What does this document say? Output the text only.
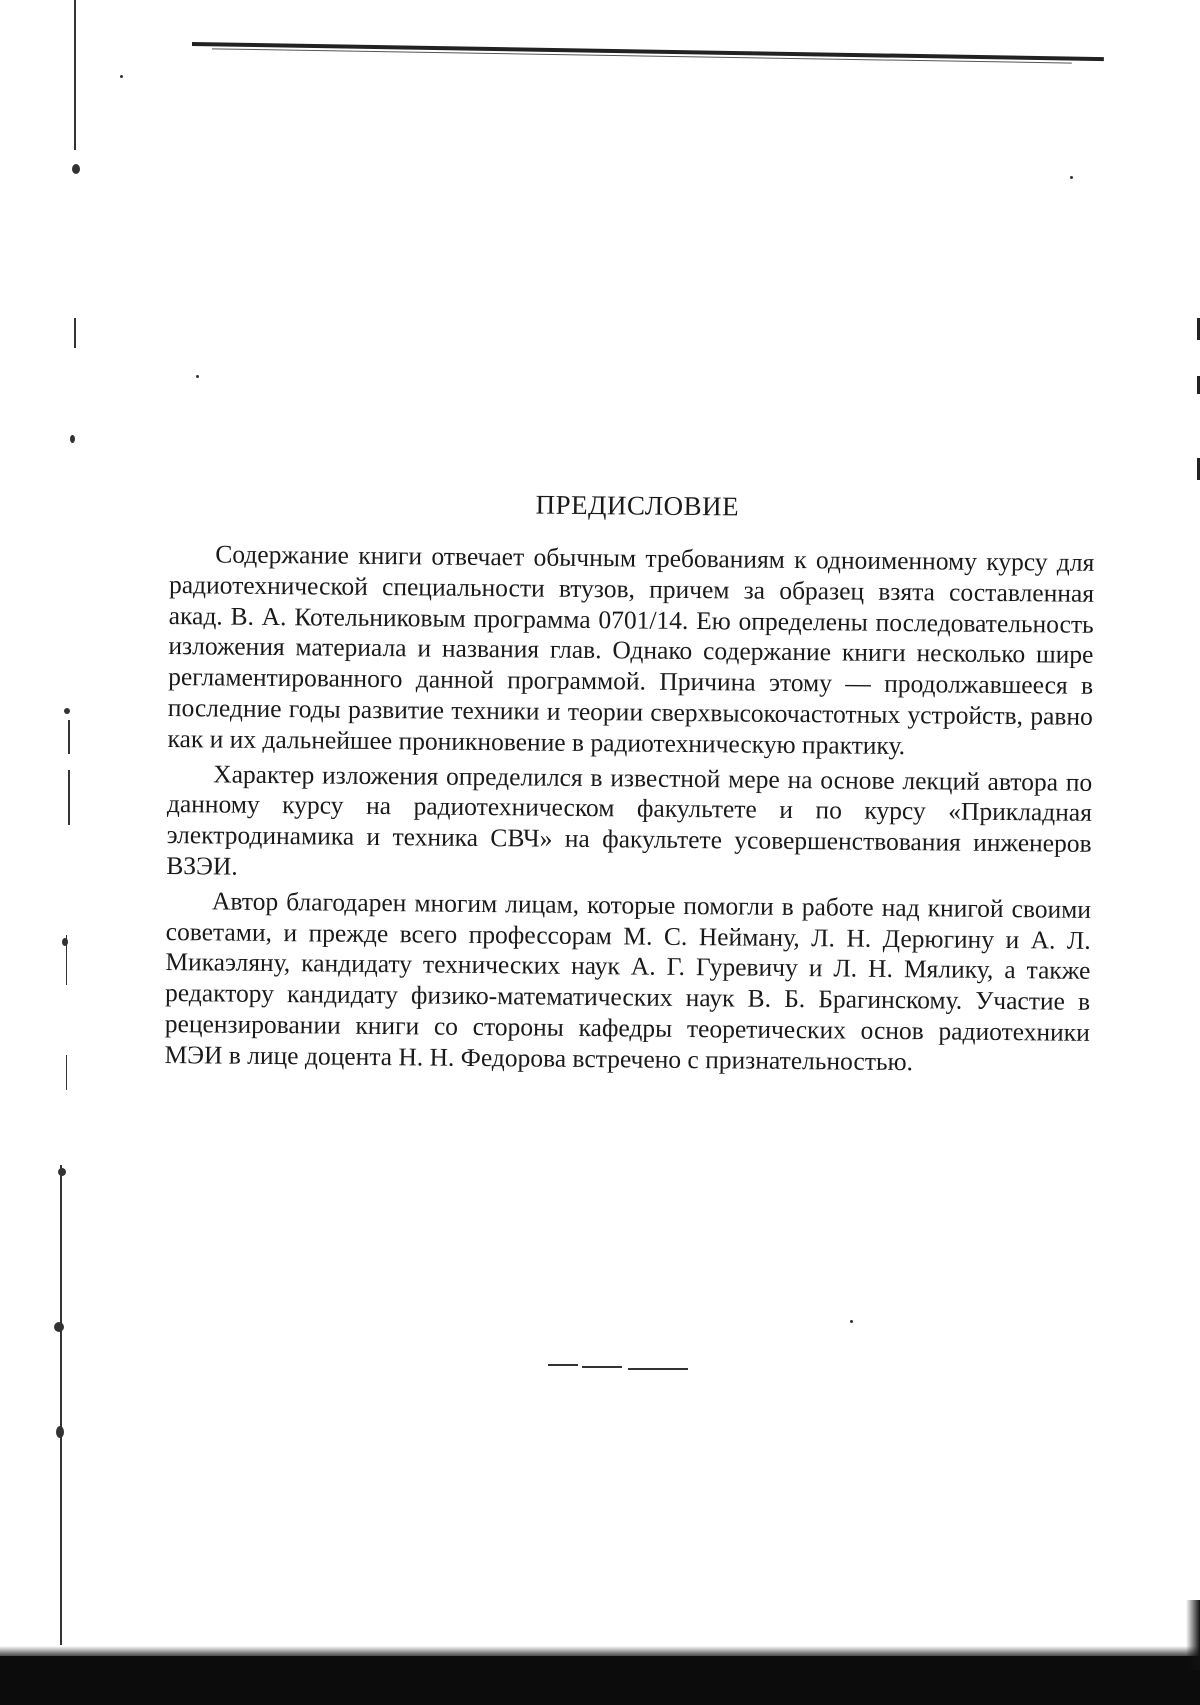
ПРЕДИСЛОВИЕ

Содержание книги отвечает обычным требованиям к одноименному курсу для радиотехнической специальности втузов, причем за образец взята составленная акад. В. А. Котельниковым программа 0701/14. Ею определены последовательность изложения материала и названия глав. Однако содержание книги несколько шире регламентированного данной программой. Причина этому — продолжавшееся в последние годы развитие техники и теории сверхвысокочастотных устройств, равно как и их дальнейшее проникновение в радиотехническую практику.

Характер изложения определился в известной мере на основе лекций автора по данному курсу на радиотехническом факультете и по курсу «Прикладная электродинамика и техника СВЧ» на факультете усовершенствования инженеров ВЗЭИ.

Автор благодарен многим лицам, которые помогли в работе над книгой своими советами, и прежде всего профессорам М. С. Нейману, Л. Н. Дерюгину и А. Л. Микаэляну, кандидату технических наук А. Г. Гуревичу и Л. Н. Мялику, а также редактору кандидату физико-математических наук В. Б. Брагинскому. Участие в рецензировании книги со стороны кафедры теоретических основ радиотехники МЭИ в лице доцента Н. Н. Федорова встречено с признательностью.
